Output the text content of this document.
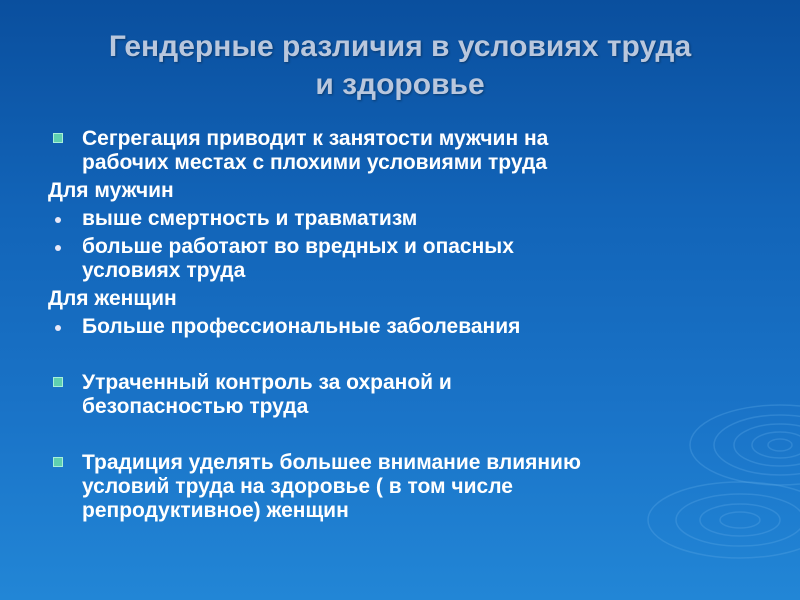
Гендерные различия в условиях труда
и здоровье
Сегрегация приводит к занятости мужчин на
рабочих местах с плохими условиями труда
Для мужчин
выше смертность и травматизм
больше работают во вредных и опасных
условиях труда
Для женщин
Больше профессиональные заболевания
Утраченный контроль за охраной и
безопасностью труда
Традиция уделять большее внимание влиянию
условий труда на здоровье ( в том числе
репродуктивное) женщин
